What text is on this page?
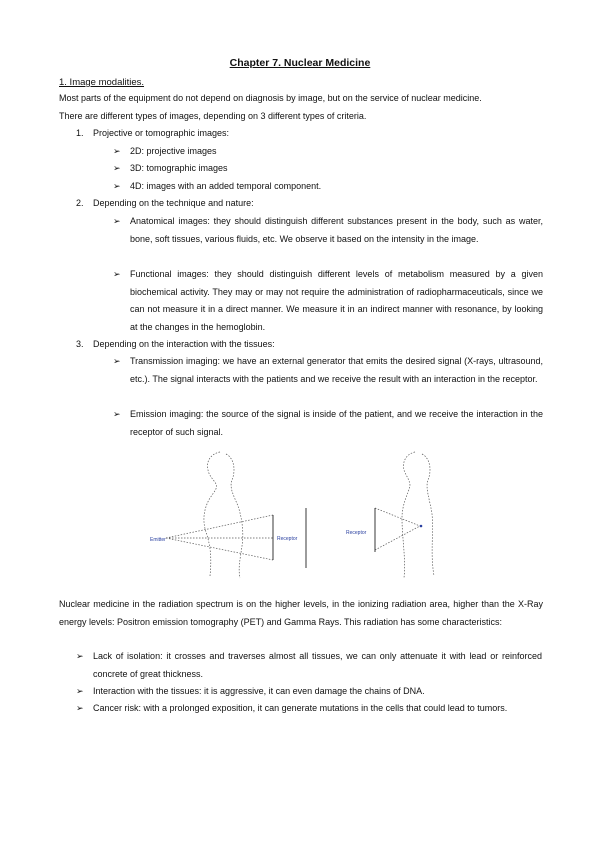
Chapter 7. Nuclear Medicine
1. Image modalities.
Most parts of the equipment do not depend on diagnosis by image, but on the service of nuclear medicine.
There are different types of images, depending on 3 different types of criteria.
1. Projective or tomographic images:
➢	2D: projective images
➢	3D: tomographic images
➢	4D: images with an added temporal component.
2. Depending on the technique and nature:
➢	Anatomical images: they should distinguish different substances present in the body, such as water, bone, soft tissues, various fluids, etc. We observe it based on the intensity in the image.
➢	Functional images: they should distinguish different levels of metabolism measured by a given biochemical activity. They may or may not require the administration of radiopharmaceuticals, since we can not measure it in a direct manner. We measure it in an indirect manner with resonance, by looking at the changes in the hemoglobin.
3. Depending on the interaction with the tissues:
➢	Transmission imaging: we have an external generator that emits the desired signal (X-rays, ultrasound, etc.). The signal interacts with the patients and we receive the result with an interaction in the receptor.
➢	Emission imaging: the source of the signal is inside of the patient, and we receive the interaction in the receptor of such signal.
Emitter	Receptor
Receptor
Nuclear medicine in the radiation spectrum is on the higher levels, in the ionizing radiation area, higher than the X-Ray energy levels: Positron emission tomography (PET) and Gamma Rays. This radiation has some characteristics:
➢	Lack of isolation: it crosses and traverses almost all tissues, we can only attenuate it with lead or reinforced concrete of great thickness.
➢	Interaction with the tissues: it is aggressive, it can even damage the chains of DNA.
➢	Cancer risk: with a prolonged exposition, it can generate mutations in the cells that could lead to tumors.
